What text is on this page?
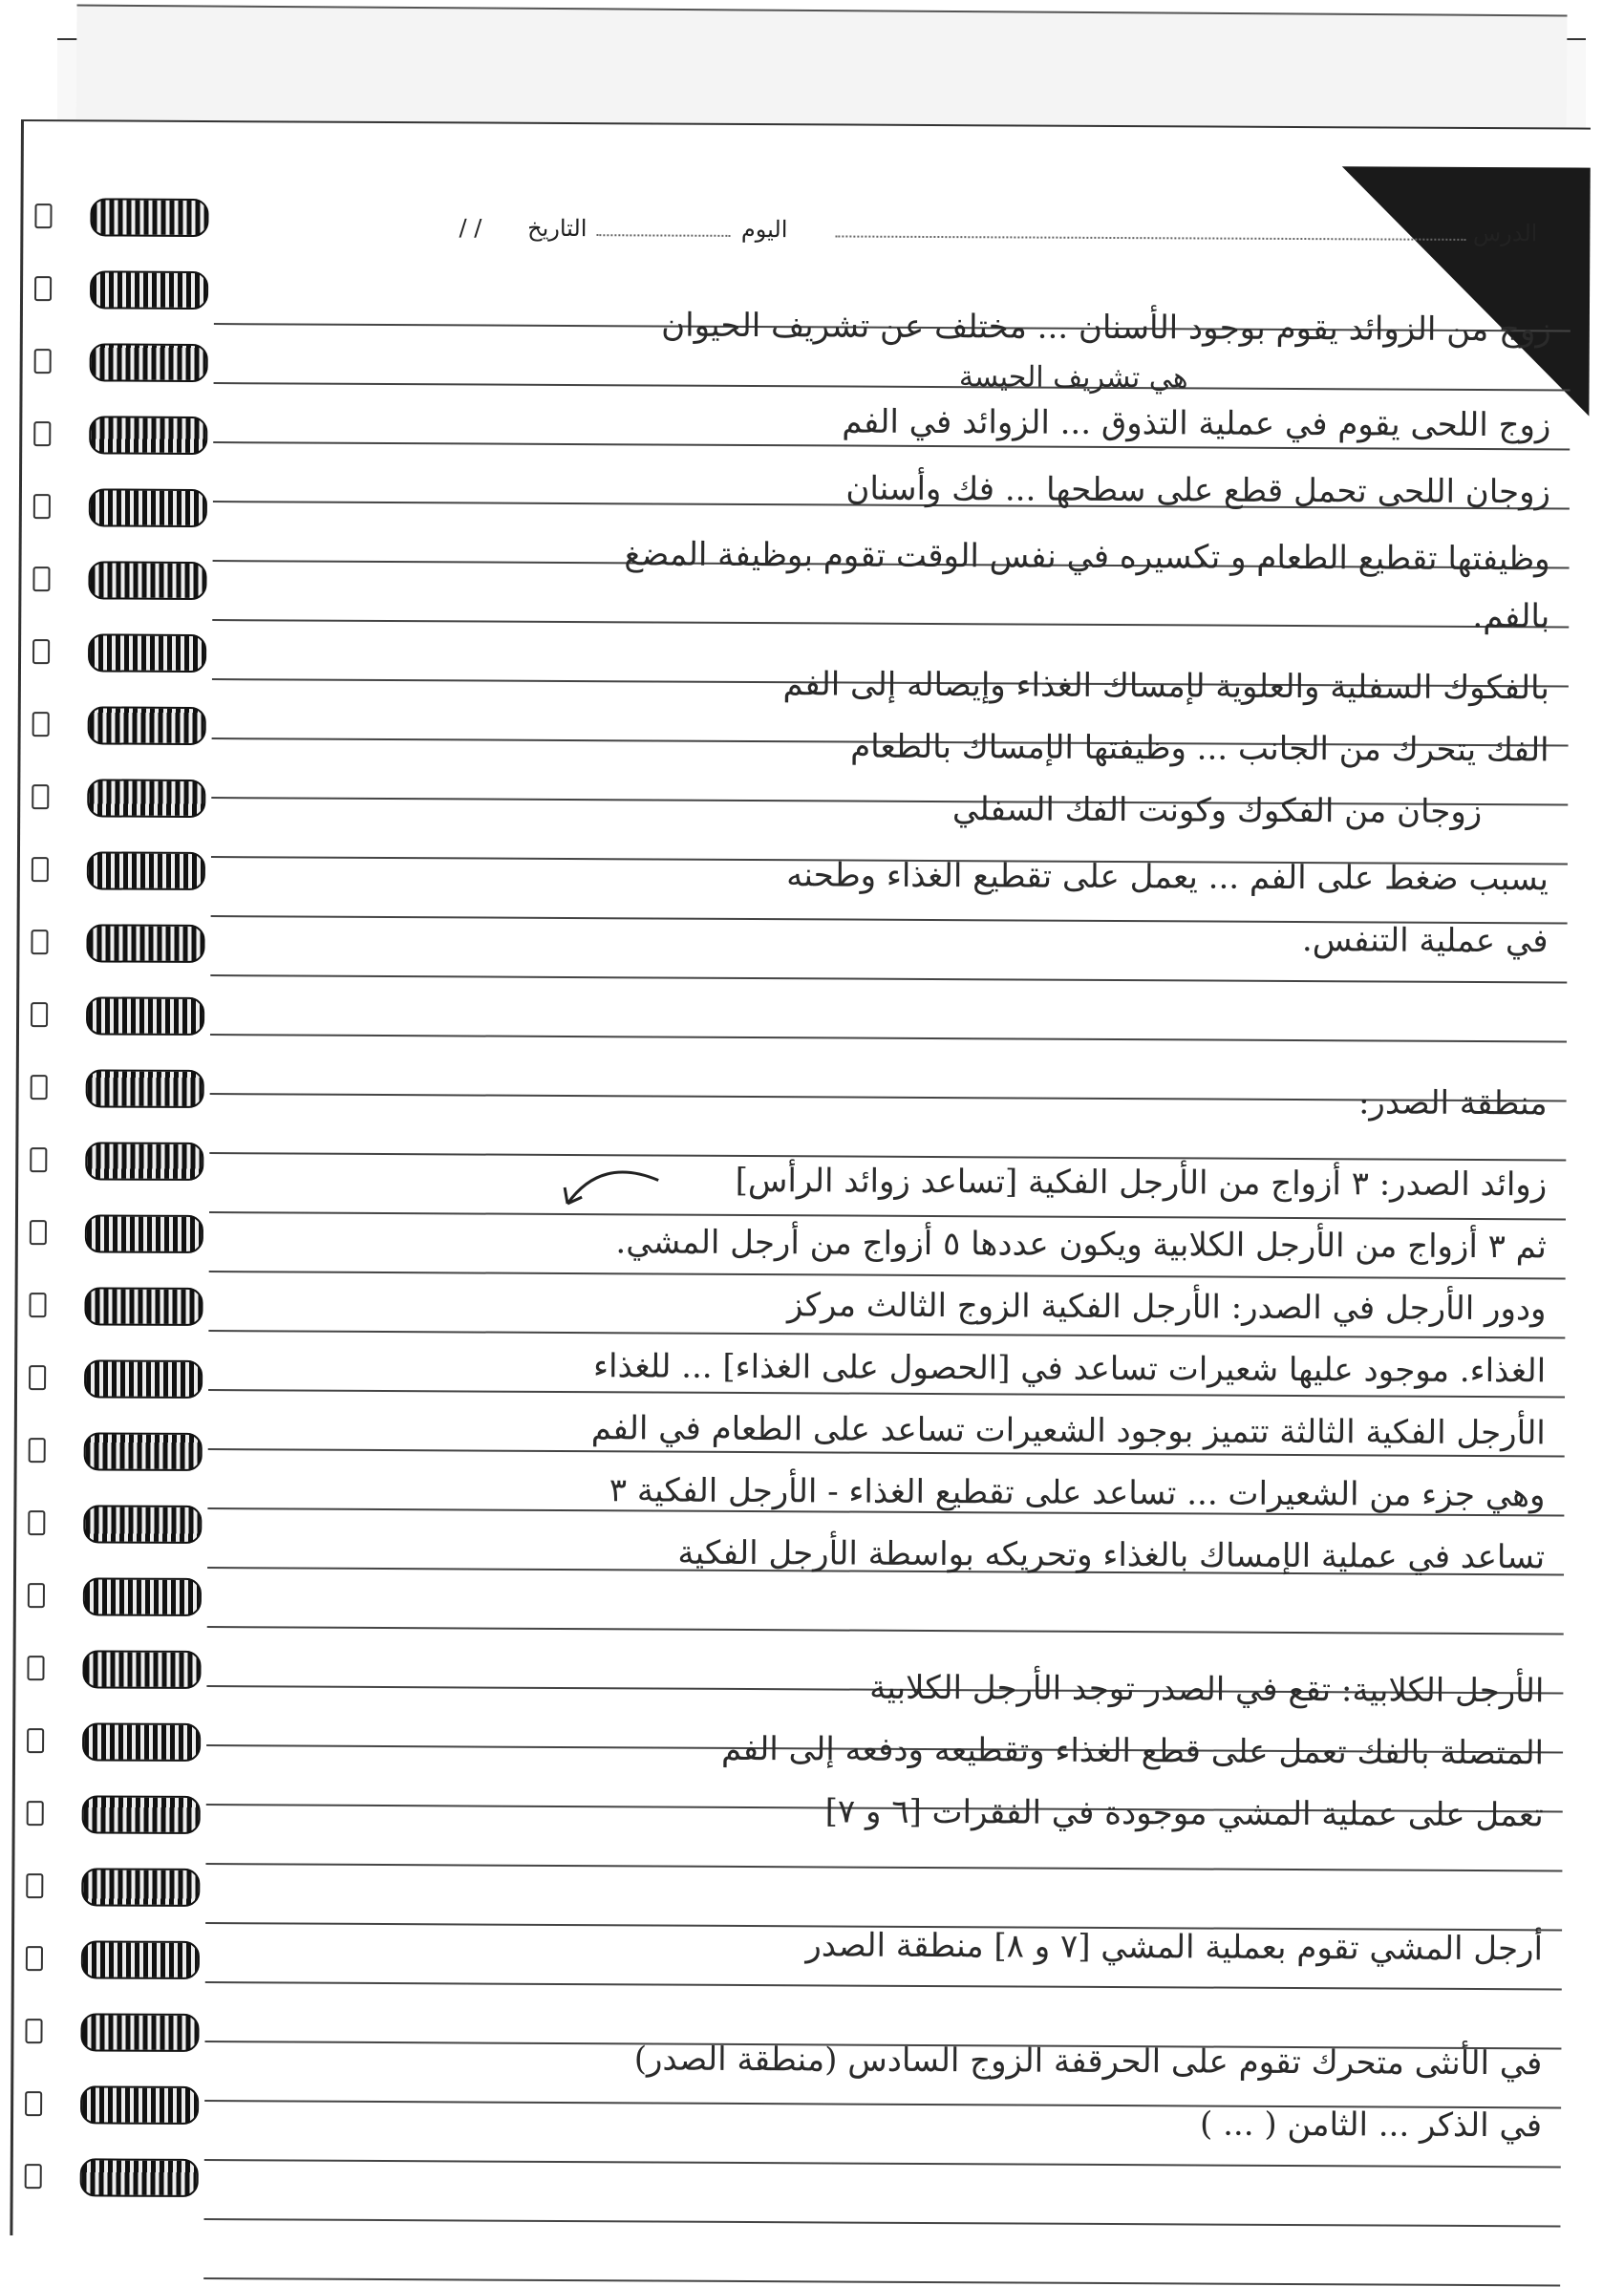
الدرس
اليوم
التاريخ
/ /
زوج من الزوائد يقوم بوجود الأسنان ... مختلف عن تشريف الحيوان
هي تشريف الحيسة
زوج اللحى يقوم في عملية التذوق ... الزوائد في الفم
زوجان اللحى تحمل قطع على سطحها ... فك وأسنان
وظيفتها تقطيع الطعام و تكسيره في نفس الوقت تقوم بوظيفة المضغ
بالفم.
بالفكوك السفلية والعلوية لإمساك الغذاء وإيصاله إلى الفم
الفك يتحرك من الجانب ... وظيفتها الإمساك بالطعام
زوجان من الفكوك وكونت الفك السفلي
يسبب ضغط على الفم ... يعمل على تقطيع الغذاء وطحنه
في عملية التنفس.
منطقة الصدر:
زوائد الصدر: ٣ أزواج من الأرجل الفكية [تساعد زوائد الرأس]
ثم ٣ أزواج من الأرجل الكلابية ويكون عددها ٥ أزواج من أرجل المشي.
ودور الأرجل في الصدر: الأرجل الفكية الزوج الثالث مركز
الغذاء. موجود عليها شعيرات تساعد في [الحصول على الغذاء] ... للغذاء
الأرجل الفكية الثالثة تتميز بوجود الشعيرات تساعد على الطعام في الفم
وهي جزء من الشعيرات ... تساعد على تقطيع الغذاء - الأرجل الفكية ٣
تساعد في عملية الإمساك بالغذاء وتحريكه بواسطة الأرجل الفكية
الأرجل الكلابية: تقع في الصدر توجد الأرجل الكلابية
المتصلة بالفك تعمل على قطع الغذاء وتقطيعه ودفعه إلى الفم
تعمل على عملية المشي موجودة في الفقرات [٦ و ٧]
أرجل المشي تقوم بعملية المشي [٧ و ٨] منطقة الصدر
في الأنثى متحرك تقوم على الحرقفة الزوج السادس (منطقة الصدر)
في الذكر ... الثامن ( ... )
